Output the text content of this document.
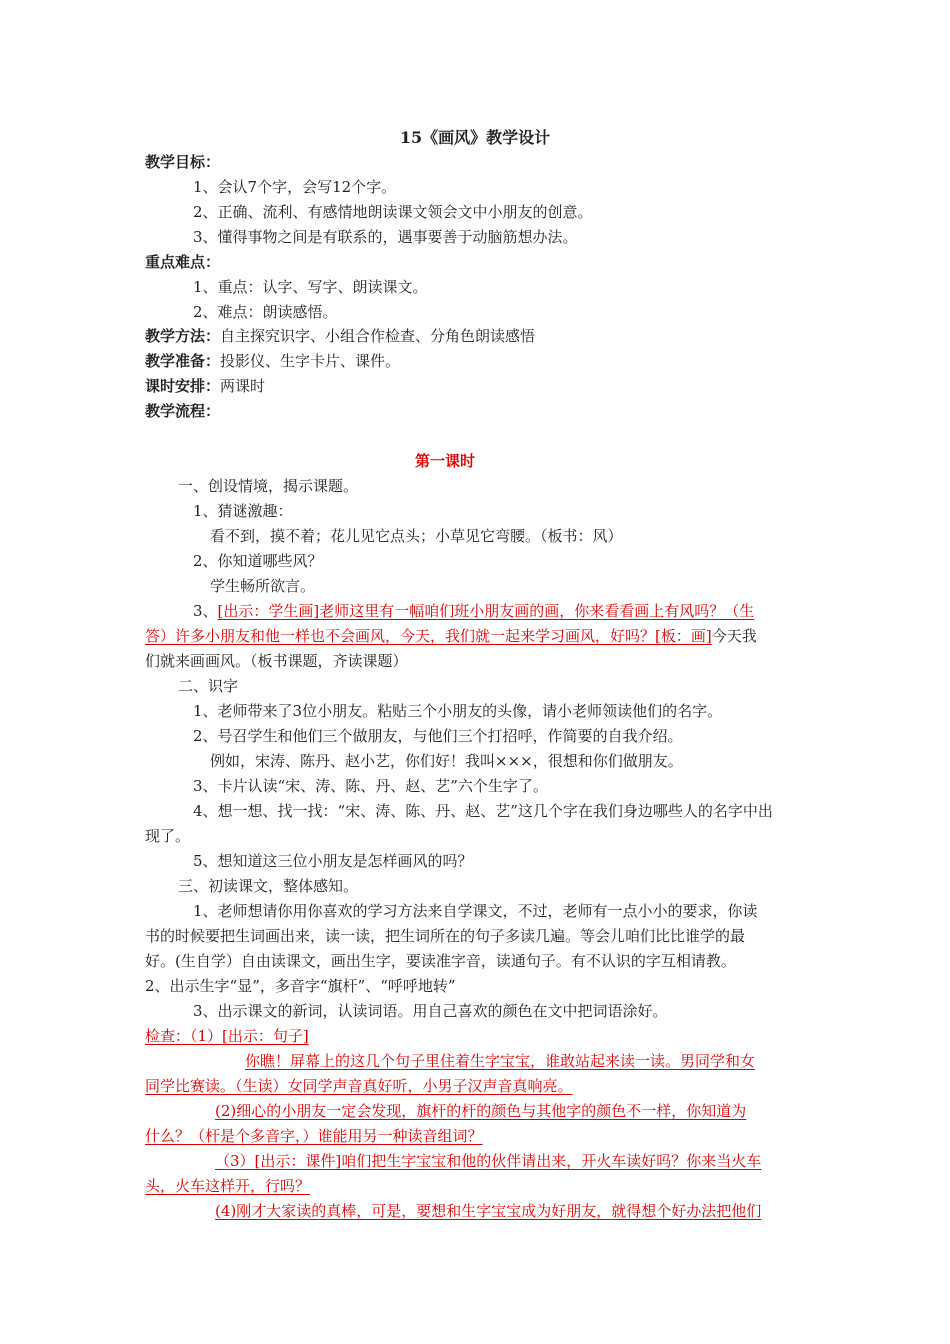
15《画风》教学设计
教学目标：
1、会认7个字，会写12个字。
2、正确、流利、有感情地朗读课文领会文中小朋友的创意。
3、懂得事物之间是有联系的，遇事要善于动脑筋想办法。
重点难点：
1、重点：认字、写字、朗读课文。
2、难点：朗读感悟。
教学方法：自主探究识字、小组合作检查、分角色朗读感悟
教学准备：投影仪、生字卡片、课件。
课时安排：两课时
教学流程：
第一课时
一、创设情境，揭示课题。
1、猜谜激趣：
看不到，摸不着；花儿见它点头；小草见它弯腰。（板书：风）
2、你知道哪些风？
学生畅所欲言。
3、[出示：学生画]老师这里有一幅咱们班小朋友画的画，你来看看画上有风吗？（生
答）许多小朋友和他一样也不会画风，今天，我们就一起来学习画风，好吗？[板：画]今天我
们就来画画风。（板书课题，齐读课题）
二、识字
1、老师带来了3位小朋友。粘贴三个小朋友的头像，请小老师领读他们的名字。
2、号召学生和他们三个做朋友，与他们三个打招呼，作简要的自我介绍。
例如，宋涛、陈丹、赵小艺，你们好！我叫×××，很想和你们做朋友。
3、卡片认读“宋、涛、陈、丹、赵、艺”六个生字了。
4、想一想、找一找：“宋、涛、陈、丹、赵、艺”这几个字在我们身边哪些人的名字中出
现了。
5、想知道这三位小朋友是怎样画风的吗？
三、初读课文，整体感知。
1、老师想请你用你喜欢的学习方法来自学课文，不过，老师有一点小小的要求，你读
书的时候要把生词画出来，读一读，把生词所在的句子多读几遍。等会儿咱们比比谁学的最
好。(生自学）自由读课文，画出生字，要读准字音，读通句子。有不认识的字互相请教。
2、出示生字“显”，多音字“旗杆”、“呼呼地转”
3、出示课文的新词，认读词语。用自己喜欢的颜色在文中把词语涂好。
检查：（1）[出示：句子]
你瞧！屏幕上的这几个句子里住着生字宝宝，谁敢站起来读一读。男同学和女
同学比赛读。（生读）女同学声音真好听，小男子汉声音真响亮。
(2)细心的小朋友一定会发现，旗杆的杆的颜色与其他字的颜色不一样，你知道为
什么？（杆是个多音字，）谁能用另一种读音组词？
（3）[出示：课件]咱们把生字宝宝和他的伙伴请出来，开火车读好吗？你来当火车
头，火车这样开，行吗？
(4)刚才大家读的真棒，可是，要想和生字宝宝成为好朋友，就得想个好办法把他们
